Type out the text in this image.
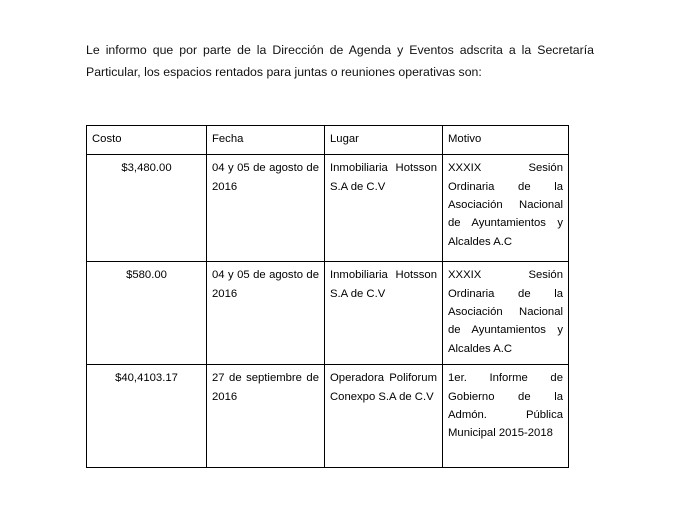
Le informo que por parte de la Dirección de Agenda y Eventos adscrita a la Secretaría Particular, los espacios rentados para juntas o reuniones operativas son:

Costo	Fecha	Lugar	Motivo
$3,480.00	04 y 05 de agosto de 2016	Inmobiliaria Hotsson S.A de C.V	XXXIX Sesión Ordinaria de la Asociación Nacional de Ayuntamientos y Alcaldes A.C
$580.00	04 y 05 de agosto de 2016	Inmobiliaria Hotsson S.A de C.V	XXXIX Sesión Ordinaria de la Asociación Nacional de Ayuntamientos y Alcaldes A.C
$40,4103.17	27 de septiembre de 2016	Operadora Poliforum Conexpo S.A de C.V	1er. Informe de Gobierno de la Admón. Pública Municipal 2015-2018
